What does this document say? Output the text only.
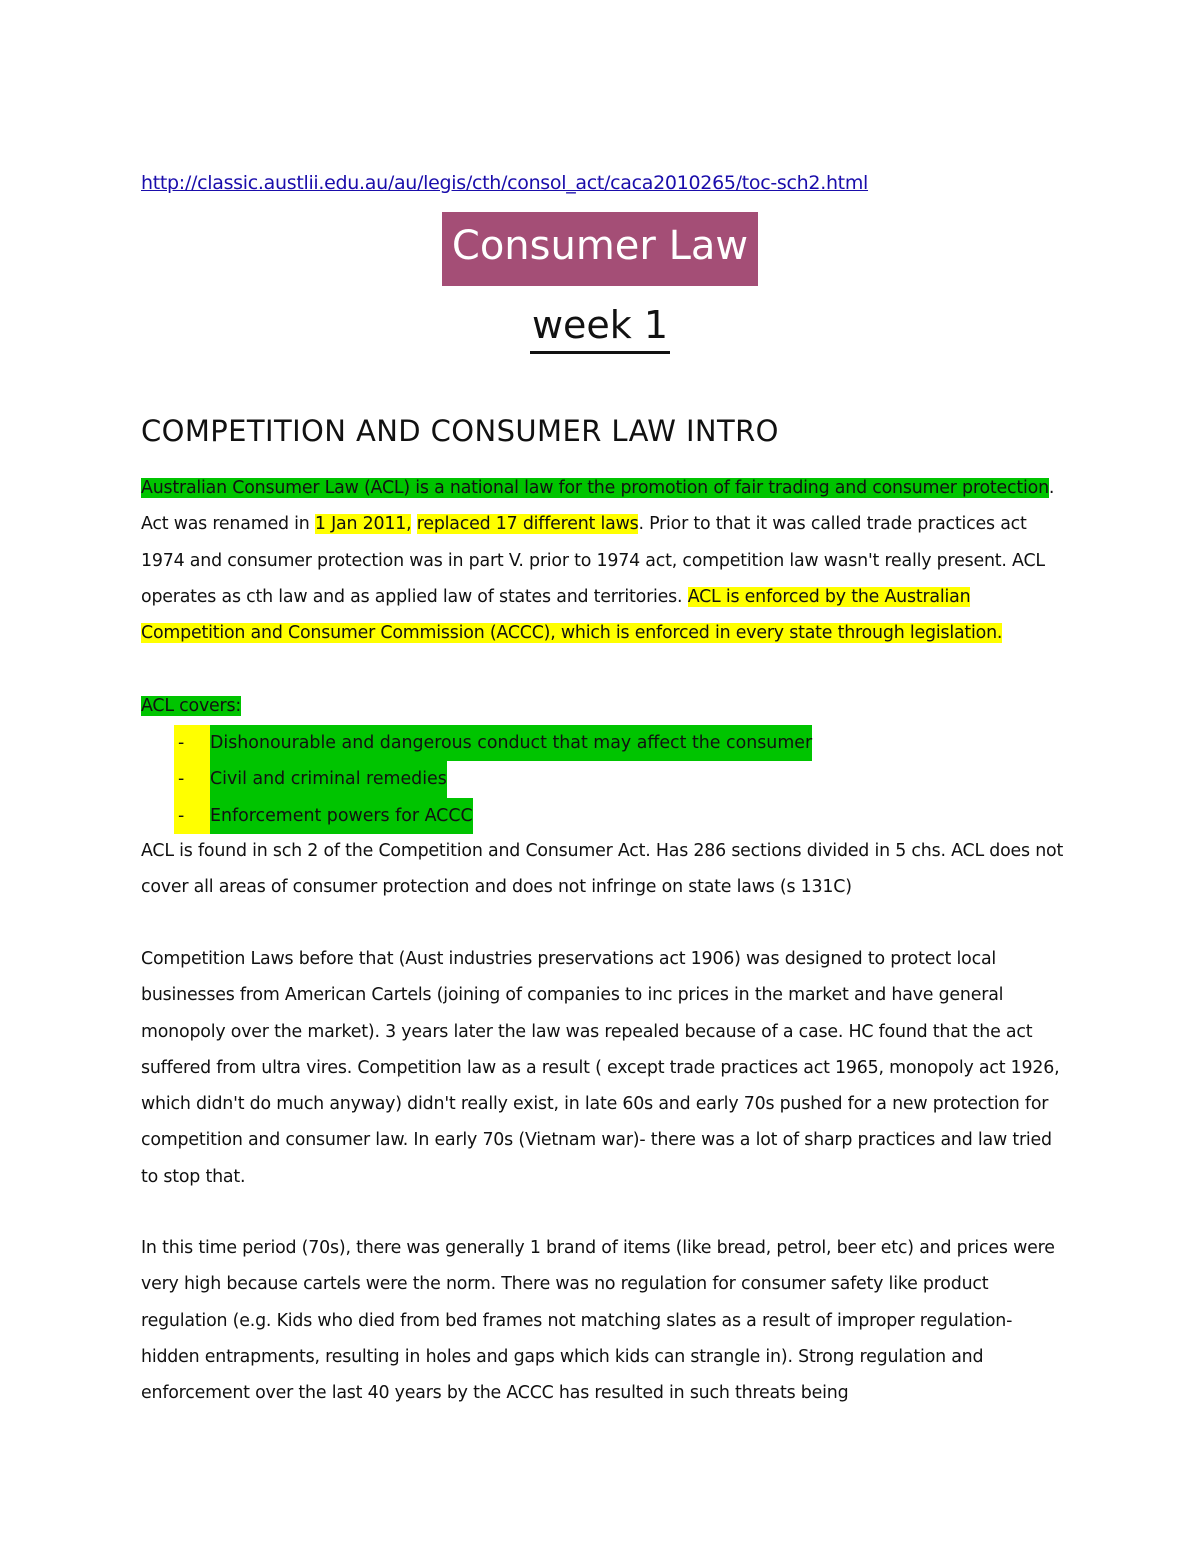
http://classic.austlii.edu.au/au/legis/cth/consol_act/caca2010265/toc-sch2.html
Consumer Law
week 1
COMPETITION AND CONSUMER LAW INTRO
Australian Consumer Law (ACL) is a national law for the promotion of fair trading and consumer protection. Act was renamed in 1 Jan 2011, replaced 17 different laws. Prior to that it was called trade practices act 1974 and consumer protection was in part V. prior to 1974 act, competition law wasn't really present. ACL operates as cth law and as applied law of states and territories. ACL is enforced by the Australian Competition and Consumer Commission (ACCC), which is enforced in every state through legislation.
ACL covers:
-	Dishonourable and dangerous conduct that may affect the consumer
-	Civil and criminal remedies
-	Enforcement powers for ACCC
ACL is found in sch 2 of the Competition and Consumer Act. Has 286 sections divided in 5 chs. ACL does not cover all areas of consumer protection and does not infringe on state laws (s 131C)
Competition Laws before that (Aust industries preservations act 1906) was designed to protect local businesses from American Cartels (joining of companies to inc prices in the market and have general monopoly over the market). 3 years later the law was repealed because of a case. HC found that the act suffered from ultra vires. Competition law as a result ( except trade practices act 1965, monopoly act 1926, which didn't do much anyway) didn't really exist, in late 60s and early 70s pushed for a new protection for competition and consumer law. In early 70s (Vietnam war)- there was a lot of sharp practices and law tried to stop that.
In this time period (70s), there was generally 1 brand of items (like bread, petrol, beer etc) and prices were very high because cartels were the norm. There was no regulation for consumer safety like product regulation (e.g. Kids who died from bed frames not matching slates as a result of improper regulation- hidden entrapments, resulting in holes and gaps which kids can strangle in). Strong regulation and enforcement over the last 40 years by the ACCC has resulted in such threats being
